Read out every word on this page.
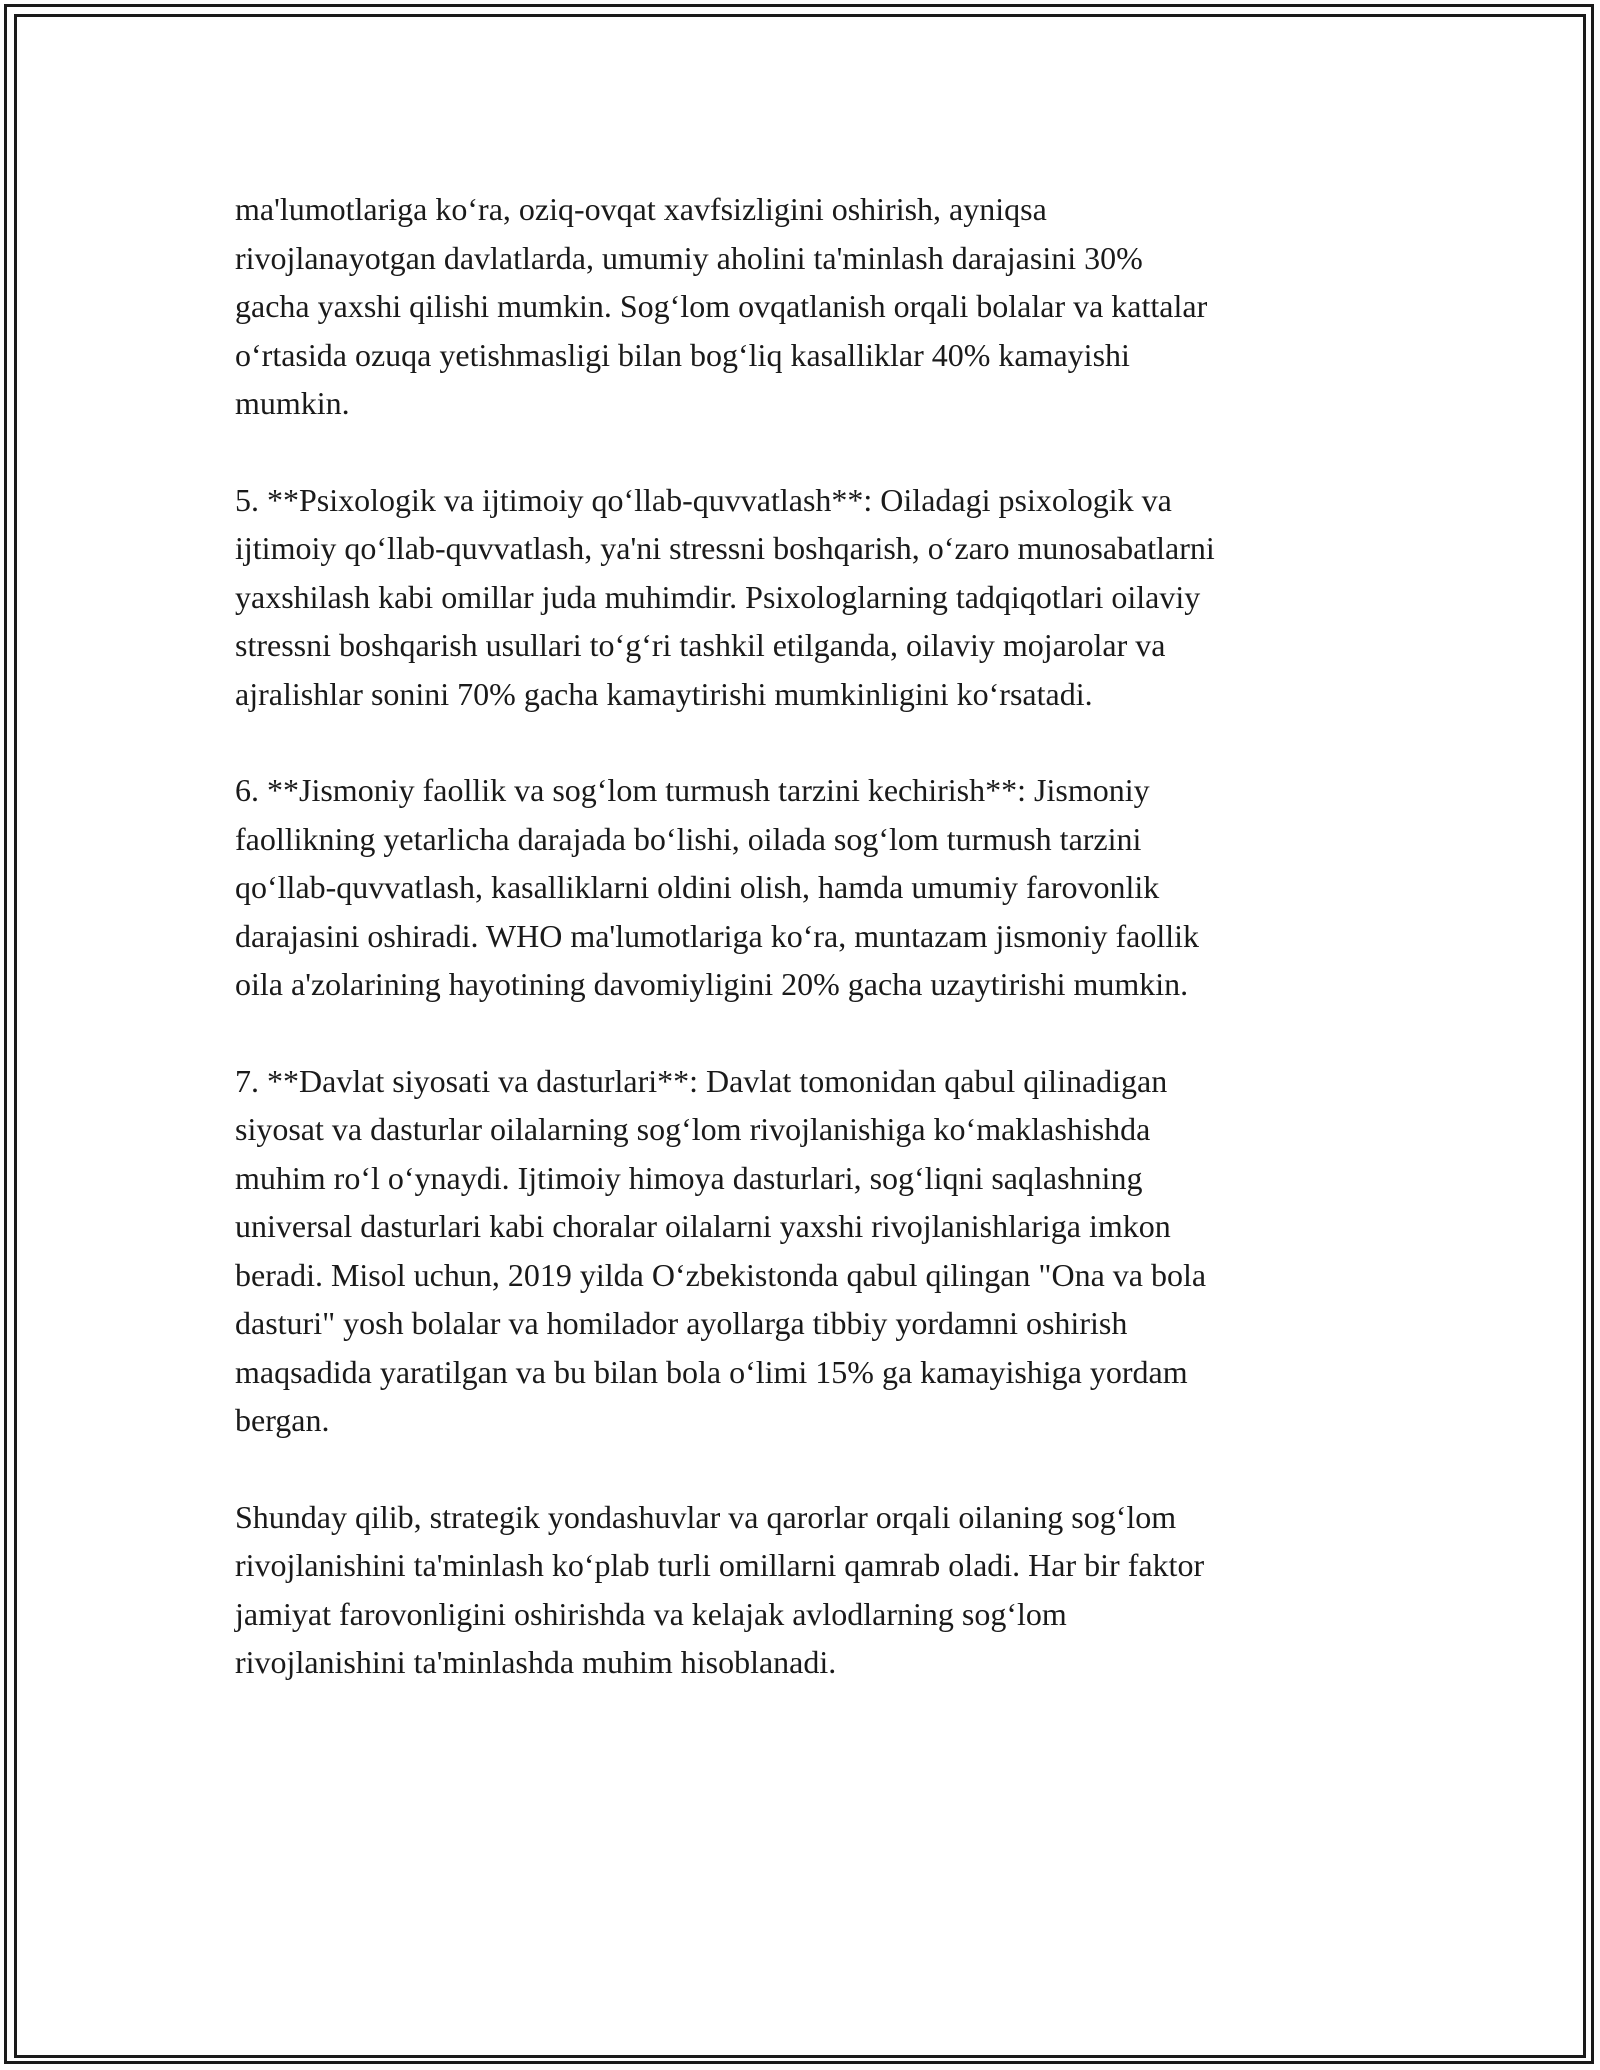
ma'lumotlariga ko‘ra, oziq-ovqat xavfsizligini oshirish, ayniqsa
rivojlanayotgan davlatlarda, umumiy aholini ta'minlash darajasini 30%
gacha yaxshi qilishi mumkin. Sog‘lom ovqatlanish orqali bolalar va kattalar
o‘rtasida ozuqa yetishmasligi bilan bog‘liq kasalliklar 40% kamayishi
mumkin.

5. **Psixologik va ijtimoiy qo‘llab-quvvatlash**: Oiladagi psixologik va
ijtimoiy qo‘llab-quvvatlash, ya'ni stressni boshqarish, o‘zaro munosabatlarni
yaxshilash kabi omillar juda muhimdir. Psixologlarning tadqiqotlari oilaviy
stressni boshqarish usullari to‘g‘ri tashkil etilganda, oilaviy mojarolar va
ajralishlar sonini 70% gacha kamaytirishi mumkinligini ko‘rsatadi.

6. **Jismoniy faollik va sog‘lom turmush tarzini kechirish**: Jismoniy
faollikning yetarlicha darajada bo‘lishi, oilada sog‘lom turmush tarzini
qo‘llab-quvvatlash, kasalliklarni oldini olish, hamda umumiy farovonlik
darajasini oshiradi. WHO ma'lumotlariga ko‘ra, muntazam jismoniy faollik
oila a'zolarining hayotining davomiyligini 20% gacha uzaytirishi mumkin.

7. **Davlat siyosati va dasturlari**: Davlat tomonidan qabul qilinadigan
siyosat va dasturlar oilalarning sog‘lom rivojlanishiga ko‘maklashishda
muhim ro‘l o‘ynaydi. Ijtimoiy himoya dasturlari, sog‘liqni saqlashning
universal dasturlari kabi choralar oilalarni yaxshi rivojlanishlariga imkon
beradi. Misol uchun, 2019 yilda O‘zbekistonda qabul qilingan "Ona va bola
dasturi" yosh bolalar va homilador ayollarga tibbiy yordamni oshirish
maqsadida yaratilgan va bu bilan bola o‘limi 15% ga kamayishiga yordam
bergan.

Shunday qilib, strategik yondashuvlar va qarorlar orqali oilaning sog‘lom
rivojlanishini ta'minlash ko‘plab turli omillarni qamrab oladi. Har bir faktor
jamiyat farovonligini oshirishda va kelajak avlodlarning sog‘lom
rivojlanishini ta'minlashda muhim hisoblanadi.
